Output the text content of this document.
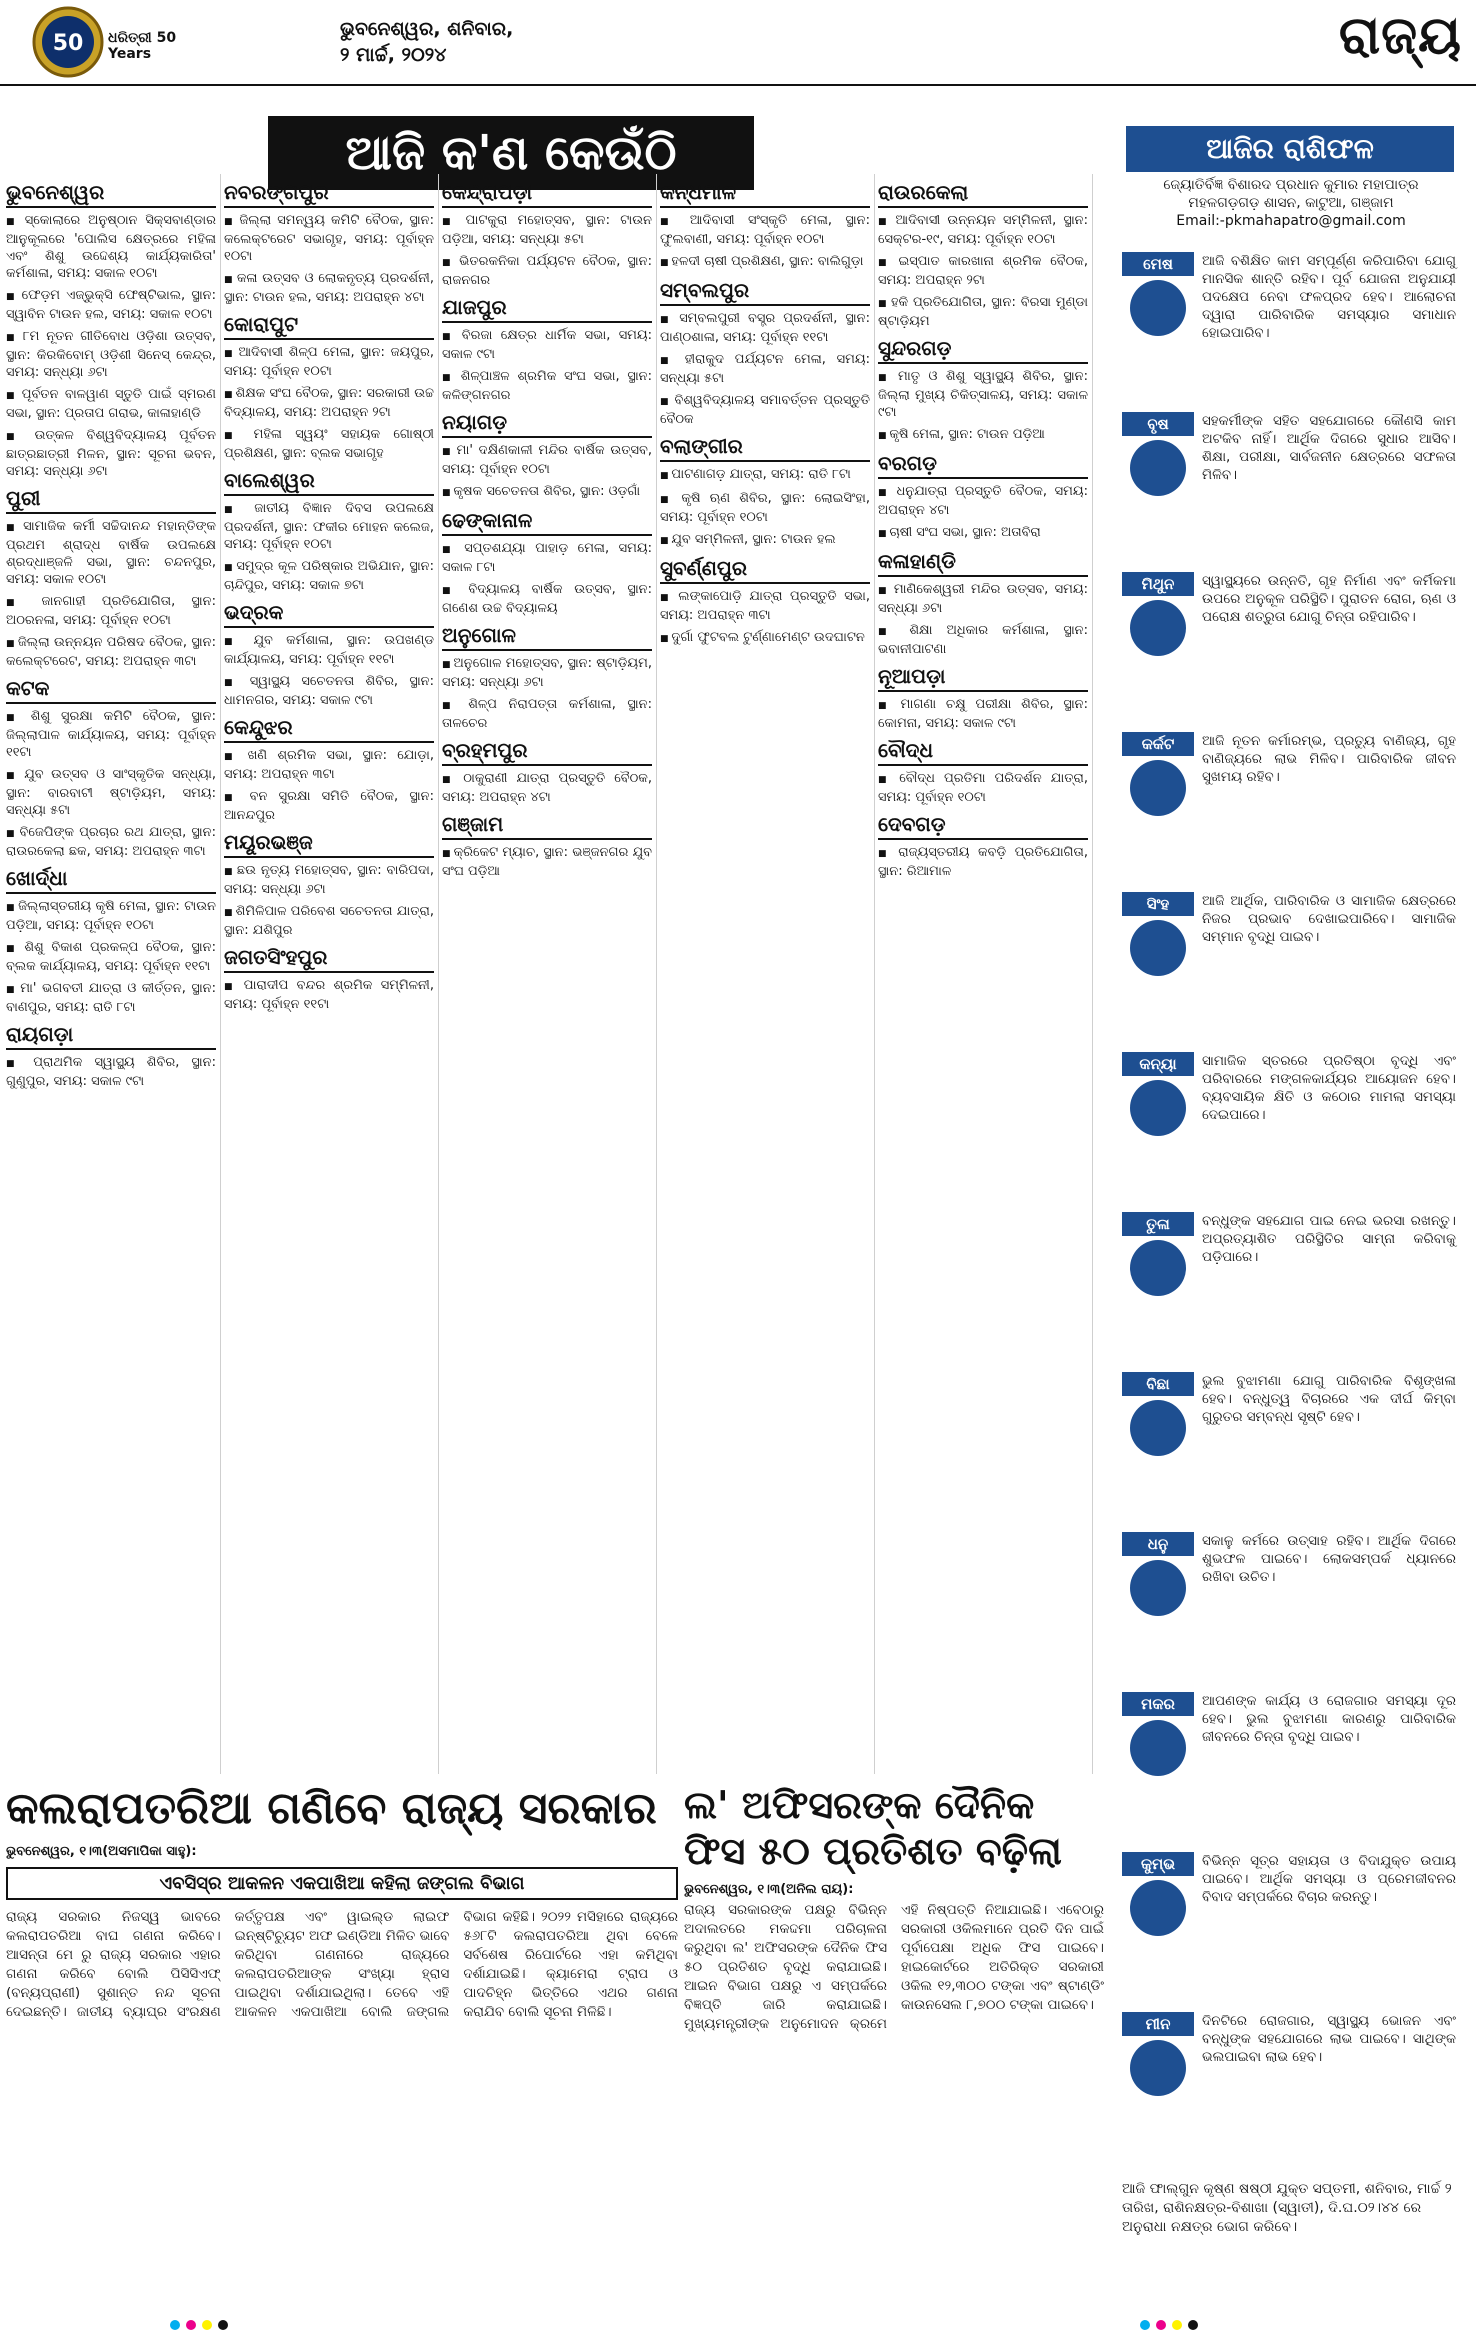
50 ଧରିତ୍ରୀ 50 Years
ଭୁବନେଶ୍ୱର, ଶନିବାର,
୨ ମାର୍ଚ୍ଚ, ୨୦୨୪	ରାଜ୍ୟ
ଆଜି କ'ଣ କେଉଁଠି
ଭୁବନେଶ୍ୱର
■ ସ୍କୋଲାରେ ଅନୁଷ୍ଠାନ ସିକ୍ସବାଣ୍ଡାର ଆନୁକୂଲରେ 'ପୋଲିସ କ୍ଷେତ୍ରରେ ମହିଳା ଏବଂ ଶିଶୁ ଉଦ୍ଦେଶ୍ୟ କାର୍ଯ୍ୟକାରିତା' କର୍ମଶାଳା, ସମୟ: ସକାଳ ୧୦ଟା
■ ଫେଡ଼ମ ଏଜ୍‌ଭୁକ୍ସି ଫେଷ୍ଟିଭାଲ, ସ୍ଥାନ: ସ୍ୱାବିନ ଟାଉନ ହଲ, ସମୟ: ସକାଳ ୧୦ଟା
■ ୮ମ ନୂତନ ଗୀତିବୋଧ ଓଡ଼ିଶା ଉତ୍ସବ, ସ୍ଥାନ: କିରକିବୋମ୍‌ ଓଡ଼ିଶୀ ସିନେସ୍ କେନ୍ଦ୍ର, ସମୟ: ସନ୍ଧ୍ୟା ୬ଟା
■ ପୂର୍ବତନ ବାଳୱାଣ ସ୍ତୁତି ପାଇଁ ସ୍ମରଣ ସଭା, ସ୍ଥାନ: ପ୍ରତାପ ଗରାଭ, କାଳାହାଣ୍ଡି
■ ଉତ୍କଳ ବିଶ୍ୱବିଦ୍ୟାଳୟ ପୂର୍ବତନ ଛାତ୍ରଛାତ୍ରୀ ମିଳନ, ସ୍ଥାନ: ସୂଚନା ଭବନ, ସମୟ: ସନ୍ଧ୍ୟା ୬ଟା
ପୁରୀ
■ ସାମାଜିକ କର୍ମୀ ସଚ୍ଚିଦାନନ୍ଦ ମହାନ୍ତିଙ୍କ ପ୍ରଥମ ଶ୍ରାଦ୍ଧ ବାର୍ଷିକ ଉପଲକ୍ଷେ ଶ୍ରଦ୍ଧାଞ୍ଜଳି ସଭା, ସ୍ଥାନ: ଚନ୍ଦନପୁର, ସମୟ: ସକାଳ ୧୦ଟା
■ ଜାନଗାହୀ ପ୍ରତିଯୋଗିତା, ସ୍ଥାନ: ଅଠରନଳା, ସମୟ: ପୂର୍ବାହ୍ନ ୧୦ଟା
■ ଜିଲ୍ଲା ଉନ୍ନୟନ ପରିଷଦ ବୈଠକ, ସ୍ଥାନ: କଲେକ୍ଟରେଟ, ସମୟ: ଅପରାହ୍ନ ୩ଟା
କଟକ
■ ଶିଶୁ ସୁରକ୍ଷା କମିଟି ବୈଠକ, ସ୍ଥାନ: ଜିଲ୍ଲାପାଳ କାର୍ଯ୍ୟାଳୟ, ସମୟ: ପୂର୍ବାହ୍ନ ୧୧ଟା
■ ଯୁବ ଉତ୍ସବ ଓ ସାଂସ୍କୃତିକ ସନ୍ଧ୍ୟା, ସ୍ଥାନ: ବାରବାଟୀ ଷ୍ଟାଡ଼ିୟମ, ସମୟ: ସନ୍ଧ୍ୟା ୫ଟା
■ ବିଜେପିଙ୍କ ପ୍ରଚାର ରଥ ଯାତ୍ରା, ସ୍ଥାନ: ରାଉରକେଲା ଛକ, ସମୟ: ଅପରାହ୍ନ ୩ଟା
ଖୋର୍ଦ୍ଧା
■ ଜିଲ୍ଲାସ୍ତରୀୟ କୃଷି ମେଳା, ସ୍ଥାନ: ଟାଉନ ପଡ଼ିଆ, ସମୟ: ପୂର୍ବାହ୍ନ ୧୦ଟା
■ ଶିଶୁ ବିକାଶ ପ୍ରକଳ୍ପ ବୈଠକ, ସ୍ଥାନ: ବ୍ଲକ କାର୍ଯ୍ୟାଳୟ, ସମୟ: ପୂର୍ବାହ୍ନ ୧୧ଟା
■ ମା' ଭଗବତୀ ଯାତ୍ରା ଓ କୀର୍ତ୍ତନ, ସ୍ଥାନ: ବାଣପୁର, ସମୟ: ରାତି ୮ଟା
ରାୟଗଡ଼ା
■ ପ୍ରାଥମିକ ସ୍ୱାସ୍ଥ୍ୟ ଶିବିର, ସ୍ଥାନ: ଗୁଣୁପୁର, ସମୟ: ସକାଳ ୯ଟା
ନବରଙ୍ଗପୁର
■ ଜିଲ୍ଲା ସମନ୍ୱୟ କମିଟି ବୈଠକ, ସ୍ଥାନ: କଲେକ୍ଟରେଟ ସଭାଗୃହ, ସମୟ: ପୂର୍ବାହ୍ନ ୧୦ଟା
■ କଳା ଉତ୍ସବ ଓ ଲୋକନୃତ୍ୟ ପ୍ରଦର୍ଶନୀ, ସ୍ଥାନ: ଟାଉନ ହଲ, ସମୟ: ଅପରାହ୍ନ ୪ଟା
କୋରାପୁଟ
■ ଆଦିବାସୀ ଶିଳ୍ପ ମେଳା, ସ୍ଥାନ: ଜୟପୁର, ସମୟ: ପୂର୍ବାହ୍ନ ୧୦ଟା
■ ଶିକ୍ଷକ ସଂଘ ବୈଠକ, ସ୍ଥାନ: ସରକାରୀ ଉଚ୍ଚ ବିଦ୍ୟାଳୟ, ସମୟ: ଅପରାହ୍ନ ୨ଟା
■ ମହିଳା ସ୍ୱୟଂ ସହାୟକ ଗୋଷ୍ଠୀ ପ୍ରଶିକ୍ଷଣ, ସ୍ଥାନ: ବ୍ଲକ ସଭାଗୃହ
ବାଲେଶ୍ୱର
■ ଜାତୀୟ ବିଜ୍ଞାନ ଦିବସ ଉପଲକ୍ଷେ ପ୍ରଦର୍ଶନୀ, ସ୍ଥାନ: ଫକୀର ମୋହନ କଲେଜ, ସମୟ: ପୂର୍ବାହ୍ନ ୧୦ଟା
■ ସମୁଦ୍ର କୂଳ ପରିଷ୍କାର ଅଭିଯାନ, ସ୍ଥାନ: ଚାନ୍ଦିପୁର, ସମୟ: ସକାଳ ୭ଟା
ଭଦ୍ରକ
■ ଯୁବ କର୍ମଶାଳା, ସ୍ଥାନ: ଉପଖଣ୍ଡ କାର୍ଯ୍ୟାଳୟ, ସମୟ: ପୂର୍ବାହ୍ନ ୧୧ଟା
■ ସ୍ୱାସ୍ଥ୍ୟ ସଚେତନତା ଶିବିର, ସ୍ଥାନ: ଧାମନଗର, ସମୟ: ସକାଳ ୯ଟା
କେନ୍ଦୁଝର
■ ଖଣି ଶ୍ରମିକ ସଭା, ସ୍ଥାନ: ଯୋଡ଼ା, ସମୟ: ଅପରାହ୍ନ ୩ଟା
■ ବନ ସୁରକ୍ଷା ସମିତି ବୈଠକ, ସ୍ଥାନ: ଆନନ୍ଦପୁର
ମୟୂରଭଞ୍ଜ
■ ଛଉ ନୃତ୍ୟ ମହୋତ୍ସବ, ସ୍ଥାନ: ବାରିପଦା, ସମୟ: ସନ୍ଧ୍ୟା ୬ଟା
■ ଶିମିଳିପାଳ ପରିବେଶ ସଚେତନତା ଯାତ୍ରା, ସ୍ଥାନ: ଯଶିପୁର
ଜଗତସିଂହପୁର
■ ପାରାଦୀପ ବନ୍ଦର ଶ୍ରମିକ ସମ୍ମିଳନୀ, ସମୟ: ପୂର୍ବାହ୍ନ ୧୧ଟା
କେନ୍ଦ୍ରାପଡ଼ା
■ ପାଟକୁରା ମହୋତ୍ସବ, ସ୍ଥାନ: ଟାଉନ ପଡ଼ିଆ, ସମୟ: ସନ୍ଧ୍ୟା ୫ଟା
■ ଭିତରକନିକା ପର୍ଯ୍ୟଟନ ବୈଠକ, ସ୍ଥାନ: ରାଜନଗର
ଯାଜପୁର
■ ବିରଜା କ୍ଷେତ୍ର ଧାର୍ମିକ ସଭା, ସମୟ: ସକାଳ ୯ଟା
■ ଶିଳ୍ପାଞ୍ଚଳ ଶ୍ରମିକ ସଂଘ ସଭା, ସ୍ଥାନ: କଳିଙ୍ଗନଗର
ନୟାଗଡ଼
■ ମା' ଦକ୍ଷିଣକାଳୀ ମନ୍ଦିର ବାର୍ଷିକ ଉତ୍ସବ, ସମୟ: ପୂର୍ବାହ୍ନ ୧୦ଟା
■ କୃଷକ ସଚେତନତା ଶିବିର, ସ୍ଥାନ: ଓଡ଼ଗାଁ
ଢେଙ୍କାନାଳ
■ ସପ୍ତଶଯ୍ୟା ପାହାଡ଼ ମେଳା, ସମୟ: ସକାଳ ୮ଟା
■ ବିଦ୍ୟାଳୟ ବାର୍ଷିକ ଉତ୍ସବ, ସ୍ଥାନ: ଗଣେଶ ଉଚ୍ଚ ବିଦ୍ୟାଳୟ
ଅନୁଗୋଳ
■ ଅନୁଗୋଳ ମହୋତ୍ସବ, ସ୍ଥାନ: ଷ୍ଟାଡ଼ିୟମ, ସମୟ: ସନ୍ଧ୍ୟା ୬ଟା
■ ଶିଳ୍ପ ନିରାପତ୍ତା କର୍ମଶାଳା, ସ୍ଥାନ: ତାଳଚେର
ବ୍ରହ୍ମପୁର
■ ଠାକୁରାଣୀ ଯାତ୍ରା ପ୍ରସ୍ତୁତି ବୈଠକ, ସମୟ: ଅପରାହ୍ନ ୪ଟା
ଗଞ୍ଜାମ
■ କ୍ରିକେଟ ମ୍ୟାଚ, ସ୍ଥାନ: ଭଞ୍ଜନଗର ଯୁବ ସଂଘ ପଡ଼ିଆ
କନ୍ଧମାଳ
■ ଆଦିବାସୀ ସଂସ୍କୃତି ମେଳା, ସ୍ଥାନ: ଫୁଲବାଣୀ, ସମୟ: ପୂର୍ବାହ୍ନ ୧୦ଟା
■ ହଳଦୀ ଚାଷୀ ପ୍ରଶିକ୍ଷଣ, ସ୍ଥାନ: ବାଲିଗୁଡ଼ା
ସମ୍ବଲପୁର
■ ସମ୍ବଲପୁରୀ ବସ୍ତ୍ର ପ୍ରଦର୍ଶନୀ, ସ୍ଥାନ: ପାଣ୍ଠଶାଳା, ସମୟ: ପୂର୍ବାହ୍ନ ୧୧ଟା
■ ହୀରାକୁଦ ପର୍ଯ୍ୟଟନ ମେଳା, ସମୟ: ସନ୍ଧ୍ୟା ୫ଟା
■ ବିଶ୍ୱବିଦ୍ୟାଳୟ ସମାବର୍ତ୍ତନ ପ୍ରସ୍ତୁତି ବୈଠକ
ବଲାଙ୍ଗୀର
■ ପାଟଣାଗଡ଼ ଯାତ୍ରା, ସମୟ: ରାତି ୮ଟା
■ କୃଷି ଋଣ ଶିବିର, ସ୍ଥାନ: ଲୋଇସିଂହା, ସମୟ: ପୂର୍ବାହ୍ନ ୧୦ଟା
■ ଯୁବ ସମ୍ମିଳନୀ, ସ୍ଥାନ: ଟାଉନ ହଲ
ସୁବର୍ଣ୍ଣପୁର
■ ଲଙ୍କାପୋଡ଼ି ଯାତ୍ରା ପ୍ରସ୍ତୁତି ସଭା, ସମୟ: ଅପରାହ୍ନ ୩ଟା
■ ଦୁର୍ଗା ଫୁଟବଲ ଟୁର୍ଣ୍ଣାମେଣ୍ଟ ଉଦଘାଟନ
ରାଉରକେଲା
■ ଆଦିବାସୀ ଉନ୍ନୟନ ସମ୍ମିଳନୀ, ସ୍ଥାନ: ସେକ୍ଟର-୧୯, ସମୟ: ପୂର୍ବାହ୍ନ ୧୦ଟା
■ ଇସ୍ପାତ କାରଖାନା ଶ୍ରମିକ ବୈଠକ, ସମୟ: ଅପରାହ୍ନ ୨ଟା
■ ହକି ପ୍ରତିଯୋଗିତା, ସ୍ଥାନ: ବିରସା ମୁଣ୍ଡା ଷ୍ଟାଡ଼ିୟମ
ସୁନ୍ଦରଗଡ଼
■ ମାତୃ ଓ ଶିଶୁ ସ୍ୱାସ୍ଥ୍ୟ ଶିବିର, ସ୍ଥାନ: ଜିଲ୍ଲା ମୁଖ୍ୟ ଚିକିତ୍ସାଳୟ, ସମୟ: ସକାଳ ୯ଟା
■ କୃଷି ମେଳା, ସ୍ଥାନ: ଟାଉନ ପଡ଼ିଆ
ବରଗଡ଼
■ ଧନୁଯାତ୍ରା ପ୍ରସ୍ତୁତି ବୈଠକ, ସମୟ: ଅପରାହ୍ନ ୪ଟା
■ ଚାଷୀ ସଂଘ ସଭା, ସ୍ଥାନ: ଅତାବିରା
କଳାହାଣ୍ଡି
■ ମାଣିକେଶ୍ୱରୀ ମନ୍ଦିର ଉତ୍ସବ, ସମୟ: ସନ୍ଧ୍ୟା ୬ଟା
■ ଶିକ୍ଷା ଅଧିକାର କର୍ମଶାଳା, ସ୍ଥାନ: ଭବାନୀପାଟଣା
ନୂଆପଡ଼ା
■ ମାଗଣା ଚକ୍ଷୁ ପରୀକ୍ଷା ଶିବିର, ସ୍ଥାନ: କୋମନା, ସମୟ: ସକାଳ ୯ଟା
ବୌଦ୍ଧ
■ ବୌଦ୍ଧ ପ୍ରତିମା ପରିଦର୍ଶନ ଯାତ୍ରା, ସମୟ: ପୂର୍ବାହ୍ନ ୧୦ଟା
ଦେବଗଡ଼
■ ରାଜ୍ୟସ୍ତରୀୟ କବଡ଼ି ପ୍ରତିଯୋଗିତା, ସ୍ଥାନ: ରିଆମାଳ
ଆଜିର ରାଶିଫଳ
ଜ୍ୟୋତିର୍ବିଜ୍ଞ ବିଶାରଦ ପ୍ରଧାନ କୁମାର ମହାପାତ୍ର
ମହଳଗଡ଼ଗଡ଼ ଶାସନ, କାଟୁଆ, ଗଞ୍ଜାମ
Email:-pkmahapatro@gmail.com
ମେଷ	ଆଜି ବଶିକ୍ଷିତ କାମ ସମ୍ପୂର୍ଣ୍ଣ କରିପାରିବା ଯୋଗୁ ମାନସିକ ଶାନ୍ତି ରହିବ। ପୂର୍ବ ଯୋଜନା ଅନୁଯାୟୀ ପଦକ୍ଷେପ ନେବା ଫଳପ୍ରଦ ହେବ। ଆଲୋଚନା ଦ୍ୱାରା ପାରିବାରିକ ସମସ୍ୟାର ସମାଧାନ ହୋଇପାରିବ।
ବୃଷ	ସହକର୍ମୀଙ୍କ ସହିତ ସହଯୋଗରେ କୌଣସି କାମ ଅଟକିବ ନାହିଁ। ଆର୍ଥିକ ଦିଗରେ ସୁଧାର ଆସିବ। ଶିକ୍ଷା, ପରୀକ୍ଷା, ସାର୍ବଜନୀନ କ୍ଷେତ୍ରରେ ସଫଳତା ମିଳିବ।
ମିଥୁନ	ସ୍ୱାସ୍ଥ୍ୟରେ ଉନ୍ନତି, ଗୃହ ନିର୍ମାଣ ଏବଂ କର୍ମିକମା ଉପରେ ଅନୁକୂଳ ପରିସ୍ଥିତି। ପୁରାତନ ରୋଗ, ଋଣ ଓ ପରୋକ୍ଷ ଶତ୍ରୁତା ଯୋଗୁ ଚିନ୍ତା ରହିପାରିବ।
କର୍କଟ	ଆଜି ନୂତନ କର୍ମାରମ୍ଭ, ପ୍ରତ୍ୟୁ ବାଣିଜ୍ୟ, ଗୃହ ବାଣିଜ୍ୟରେ ଲାଭ ମିଳିବ। ପାରିବାରିକ ଜୀବନ ସୁଖମୟ ରହିବ।
ସିଂହ	ଆଜି ଆର୍ଥିକ, ପାରିବାରିକ ଓ ସାମାଜିକ କ୍ଷେତ୍ରରେ ନିଜର ପ୍ରଭାବ ଦେଖାଇପାରିବେ। ସାମାଜିକ ସମ୍ମାନ ବୃଦ୍ଧି ପାଇବ।
କନ୍ୟା	ସାମାଜିକ ସ୍ତରରେ ପ୍ରତିଷ୍ଠା ବୃଦ୍ଧି ଏବଂ ପରିବାରରେ ମଙ୍ଗଳକାର୍ଯ୍ୟର ଆୟୋଜନ ହେବ। ବ୍ୟବସାୟିକ କ୍ଷିତି ଓ କଠୋର ମାମଲା ସମସ୍ୟା ଦେଇପାରେ।
ତୁଳା	ବନ୍ଧୁଙ୍କ ସହଯୋଗ ପାଇ ନେଇ ଭରସା ରଖନ୍ତୁ। ଅପ୍ରତ୍ୟାଶିତ ପରିସ୍ଥିତିର ସାମ୍ନା କରିବାକୁ ପଡ଼ିପାରେ।
ବିଛା	ଭୁଲ ବୁଝାମଣା ଯୋଗୁ ପାରିବାରିକ ବିଶୃଙ୍ଖଳା ହେବ। ବନ୍ଧୁତ୍ୱ ବିଚାରରେ ଏକ ଦୀର୍ଘ କିମ୍ବା ଗୁରୁତର ସମ୍ବନ୍ଧ ସୃଷ୍ଟି ହେବ।
ଧନୁ	ସକାଳୁ କର୍ମରେ ଉତ୍ସାହ ରହିବ। ଆର୍ଥିକ ଦିଗରେ ଶୁଭଫଳ ପାଇବେ। ଲୋକସମ୍ପର୍କ ଧ୍ୟାନରେ ରଖିବା ଉଚିତ।
ମକର	ଆପଣଙ୍କ କାର୍ଯ୍ୟ ଓ ରୋଜଗାର ସମସ୍ୟା ଦୂର ହେବ। ଭୁଲ ବୁଝାମଣା କାରଣରୁ ପାରିବାରିକ ଜୀବନରେ ଚିନ୍ତା ବୃଦ୍ଧି ପାଇବ।
କୁମ୍ଭ	ବିଭିନ୍ନ ସୂତ୍ର ସହାୟତା ଓ ବିଦାଯୁକ୍ତ ଉପାୟ ପାଇବେ। ଆର୍ଥିକ ସମସ୍ୟା ଓ ପ୍ରେମଜୀବନର ବିବାଦ ସମ୍ପର୍କରେ ବିଚାର କରନ୍ତୁ।
ମୀନ	ଦିନଟିରେ ରୋଜଗାର, ସ୍ୱାସ୍ଥ୍ୟ ଭୋଜନ ଏବଂ ବନ୍ଧୁଙ୍କ ସହଯୋଗରେ ଲାଭ ପାଇବେ। ସାଥିଙ୍କ ଭଲପାଇବା ଲାଭ ହେବ।
ଆଜି ଫାଲ୍‌ଗୁନ କୃଷ୍ଣ ଷଷ୍ଠୀ ଯୁକ୍ତ ସପ୍ତମୀ, ଶନିବାର, ମାର୍ଚ୍ଚ ୨ ତାରିଖ, ରାଶିନକ୍ଷତ୍ର-ବିଶାଖା (ସ୍ୱାତୀ), ଦି.ଘ.୦୨।୪୪ ରେ ଅନୁରାଧା ନକ୍ଷତ୍ର ଭୋଗ କରିବେ।
କଲରାପତରିଆ ଗଣିବେ ରାଜ୍ୟ ସରକାର
ଭୁବନେଶ୍ୱର, ୧।୩(ଅସମାପିକା ସାହୁ):
ଏବସିସ୍‌ର ଆକଳନ ଏକପାଖିଆ କହିଲା ଜଙ୍ଗଲ ବିଭାଗ
ରାଜ୍ୟ ସରକାର ନିଜସ୍ୱ ଭାବରେ କଲରାପତରିଆ ବାଘ ଗଣନା କରିବେ। ଆସନ୍ତା ମେ ରୁ ରାଜ୍ୟ ସରକାର ଏହାର ଗଣନା କରିବେ ବୋଲି ପିସିସିଏଫ୍ (ବନ୍ୟପ୍ରାଣୀ) ସୁଶାନ୍ତ ନନ୍ଦ ସୂଚନା ଦେଇଛନ୍ତି। ଜାତୀୟ ବ୍ୟାଘ୍ର ସଂରକ୍ଷଣ କର୍ତ୍ତୃପକ୍ଷ ଏବଂ ୱାଇଲ୍ଡ ଲାଇଫ ଇନ୍‌ଷ୍ଟିଚ୍ୟୁଟ ଅଫ ଇଣ୍ଡିଆ ମିଳିତ ଭାବେ କରିଥିବା ଗଣନାରେ ରାଜ୍ୟରେ କଲରାପତରିଆଙ୍କ ସଂଖ୍ୟା ହ୍ରାସ ପାଇଥିବା ଦର୍ଶାଯାଇଥିଲା। ତେବେ ଏହି ଆକଳନ ଏକପାଖିଆ ବୋଲି ଜଙ୍ଗଲ ବିଭାଗ କହିଛି। ୨୦୨୨ ମସିହାରେ ରାଜ୍ୟରେ ୫୬୮ଟି କଲରାପତରିଆ ଥିବା ବେଳେ ସର୍ବଶେଷ ରିପୋର୍ଟରେ ଏହା କମିଥିବା ଦର୍ଶାଯାଇଛି। କ୍ୟାମେରା ଟ୍ରାପ ଓ ପାଦଚିହ୍ନ ଭିତ୍ତିରେ ଏଥର ଗଣନା କରାଯିବ ବୋଲି ସୂଚନା ମିଳିଛି।
ଲ' ଅଫିସରଙ୍କ ଦୈନିକ ଫିସ ୫୦ ପ୍ରତିଶତ ବଢ଼ିଲା
ଭୁବନେଶ୍ୱର, ୧।୩(ଅନିଲ ରାୟ):
ରାଜ୍ୟ ସରକାରଙ୍କ ପକ୍ଷରୁ ବିଭିନ୍ନ ଅଦାଲତରେ ମକଦ୍ଦମା ପରିଚାଳନା କରୁଥିବା ଲ' ଅଫିସରଙ୍କ ଦୈନିକ ଫିସ ୫୦ ପ୍ରତିଶତ ବୃଦ୍ଧି କରାଯାଇଛି। ଆଇନ ବିଭାଗ ପକ୍ଷରୁ ଏ ସମ୍ପର୍କରେ ବିଜ୍ଞପ୍ତି ଜାରି କରାଯାଇଛି। ମୁଖ୍ୟମନ୍ତ୍ରୀଙ୍କ ଅନୁମୋଦନ କ୍ରମେ ଏହି ନିଷ୍ପତ୍ତି ନିଆଯାଇଛି। ଏବେଠାରୁ ସରକାରୀ ଓକିଲମାନେ ପ୍ରତି ଦିନ ପାଇଁ ପୂର୍ବାପେକ୍ଷା ଅଧିକ ଫିସ ପାଇବେ। ହାଇକୋର୍ଟରେ ଅତିରିକ୍ତ ସରକାରୀ ଓକିଲ ୧୨,୩୦୦ ଟଙ୍କା ଏବଂ ଷ୍ଟାଣ୍ଡିଂ କାଉନସେଲ ୮,୭୦୦ ଟଙ୍କା ପାଇବେ।
